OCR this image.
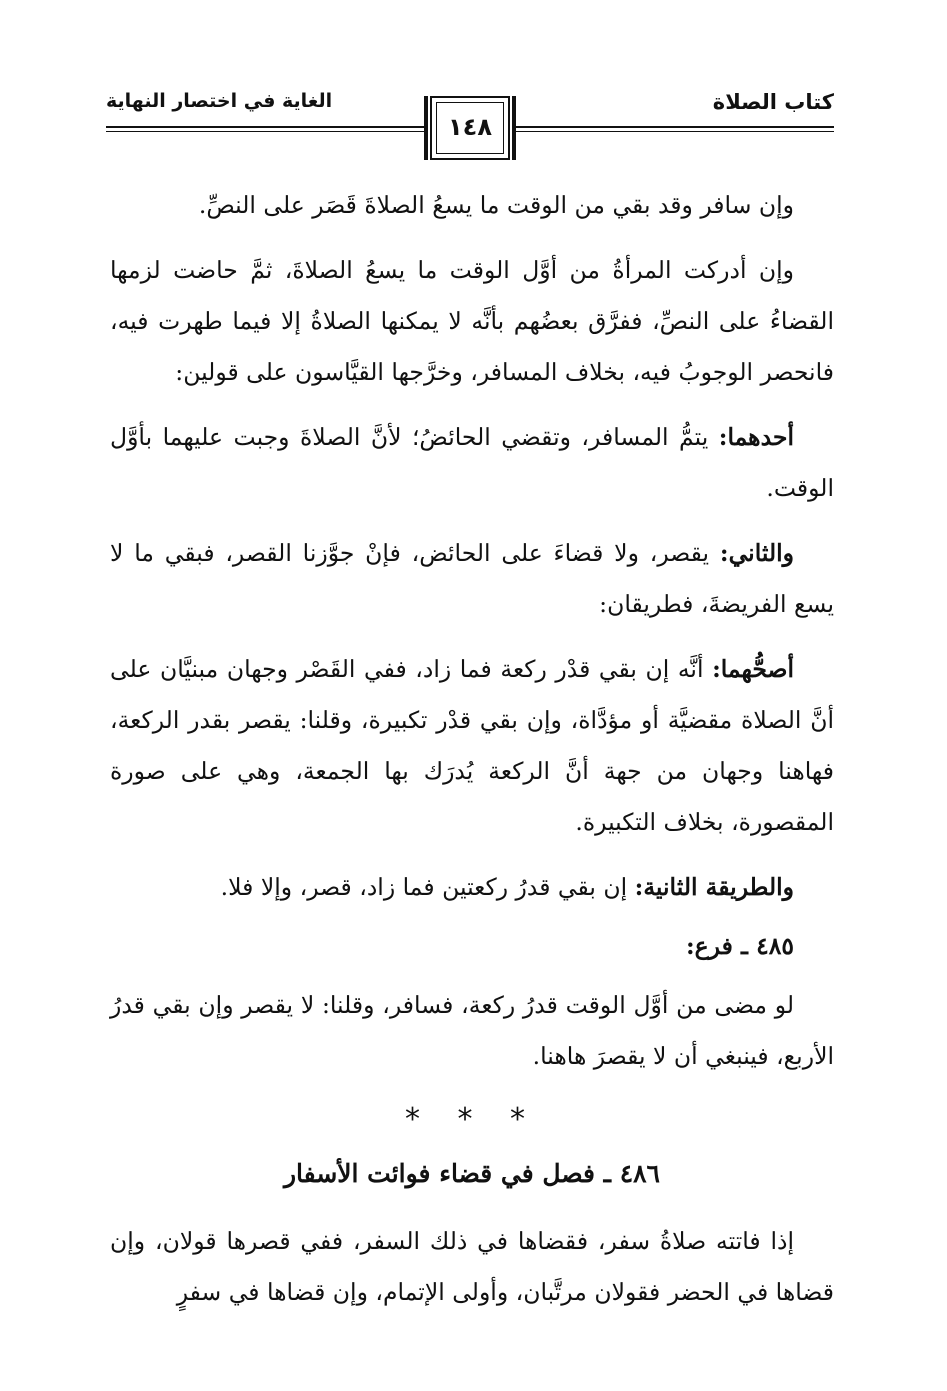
كتاب الصلاة
الغاية في اختصار النهاية
١٤٨

وإن سافر وقد بقي من الوقت ما يسعُ الصلاةَ قَصَر على النصِّ.

وإن أدركت المرأةُ من أوَّل الوقت ما يسعُ الصلاةَ، ثمَّ حاضت لزمها القضاءُ على النصِّ، ففرَّق بعضُهم بأنَّه لا يمكنها الصلاةُ إلا فيما طهرت فيه، فانحصر الوجوبُ فيه، بخلاف المسافر، وخرَّجها القيَّاسون على قولين:

أحدهما: يتمُّ المسافر، وتقضي الحائضُ؛ لأنَّ الصلاةَ وجبت عليهما بأوَّل الوقت.

والثاني: يقصر، ولا قضاءَ على الحائض، فإنْ جوَّزنا القصر، فبقي ما لا يسع الفريضةَ، فطريقان:

أصحُّهما: أنَّه إن بقي قدْر ركعة فما زاد، ففي القَصْر وجهان مبنيَّان على أنَّ الصلاة مقضيَّة أو مؤدَّاة، وإن بقي قدْر تكبيرة، وقلنا: يقصر بقدر الركعة، فهاهنا وجهان من جهة أنَّ الركعة يُدرَك بها الجمعة، وهي على صورة المقصورة، بخلاف التكبيرة.

والطريقة الثانية: إن بقي قدرُ ركعتين فما زاد، قصر، وإلا فلا.

٤٨٥ ـ فرع:

لو مضى من أوَّل الوقت قدرُ ركعة، فسافر، وقلنا: لا يقصر وإن بقي قدرُ الأربع، فينبغي أن لا يقصرَ هاهنا.

* * *
٤٨٦ ـ فصل في قضاء فوائت الأسفار

إذا فاتته صلاةُ سفر، فقضاها في ذلك السفر، ففي قصرها قولان، وإن قضاها في الحضر فقولان مرتَّبان، وأولى الإتمام، وإن قضاها في سفرٍ
